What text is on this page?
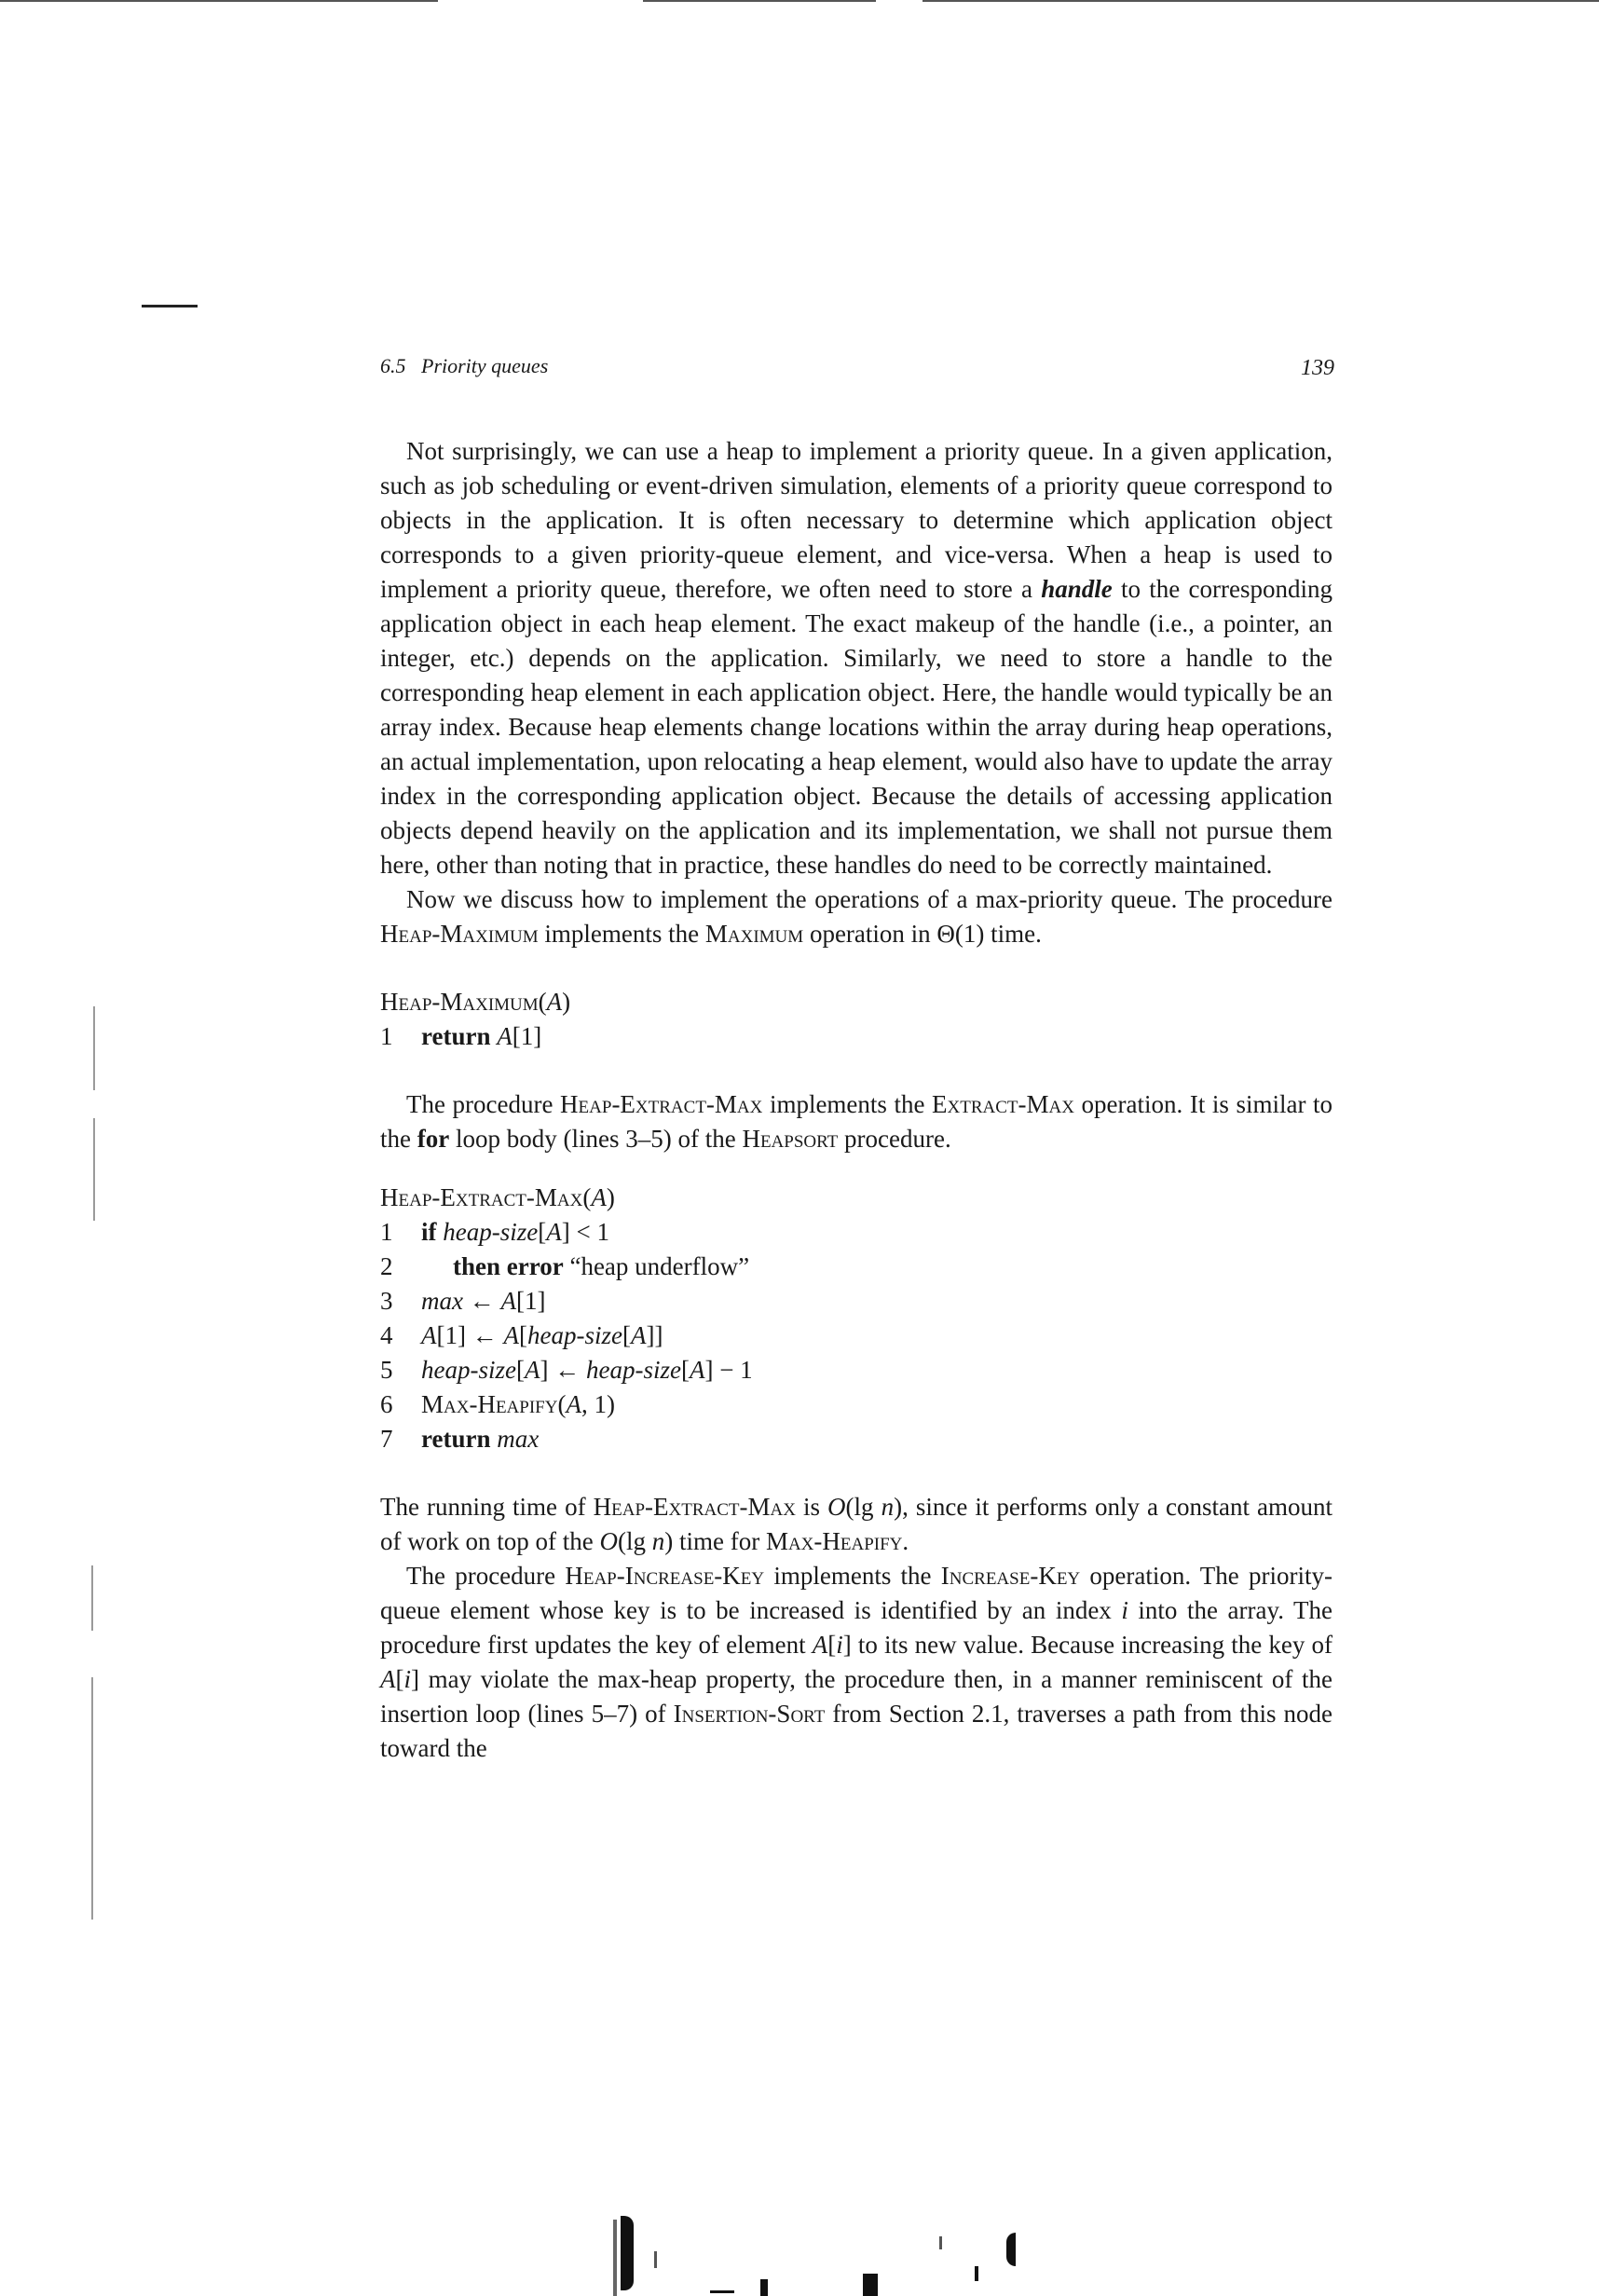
6.5   Priority queues	139

Not surprisingly, we can use a heap to implement a priority queue. In a given application, such as job scheduling or event-driven simulation, elements of a priority queue correspond to objects in the application. It is often necessary to determine which application object corresponds to a given priority-queue element, and vice-versa. When a heap is used to implement a priority queue, therefore, we often need to store a handle to the corresponding application object in each heap element. The exact makeup of the handle (i.e., a pointer, an integer, etc.) depends on the application. Similarly, we need to store a handle to the corresponding heap element in each application object. Here, the handle would typically be an array index. Because heap elements change locations within the array during heap operations, an actual implementation, upon relocating a heap element, would also have to update the array index in the corresponding application object. Because the details of accessing application objects depend heavily on the application and its implementation, we shall not pursue them here, other than noting that in practice, these handles do need to be correctly maintained.

Now we discuss how to implement the operations of a max-priority queue. The procedure Heap-Maximum implements the Maximum operation in Θ(1) time.

Heap-Maximum(A)

1	return A[1]

The procedure Heap-Extract-Max implements the Extract-Max operation. It is similar to the for loop body (lines 3–5) of the Heapsort procedure.

Heap-Extract-Max(A)

1	if heap-size[A] < 1
2	then error “heap underflow”
3	max ← A[1]
4	A[1] ← A[heap-size[A]]
5	heap-size[A] ← heap-size[A] − 1
6	Max-Heapify(A, 1)
7	return max

The running time of Heap-Extract-Max is O(lg n), since it performs only a constant amount of work on top of the O(lg n) time for Max-Heapify.

The procedure Heap-Increase-Key implements the Increase-Key operation. The priority-queue element whose key is to be increased is identified by an index i into the array. The procedure first updates the key of element A[i] to its new value. Because increasing the key of A[i] may violate the max-heap property, the procedure then, in a manner reminiscent of the insertion loop (lines 5–7) of Insertion-Sort from Section 2.1, traverses a path from this node toward the
